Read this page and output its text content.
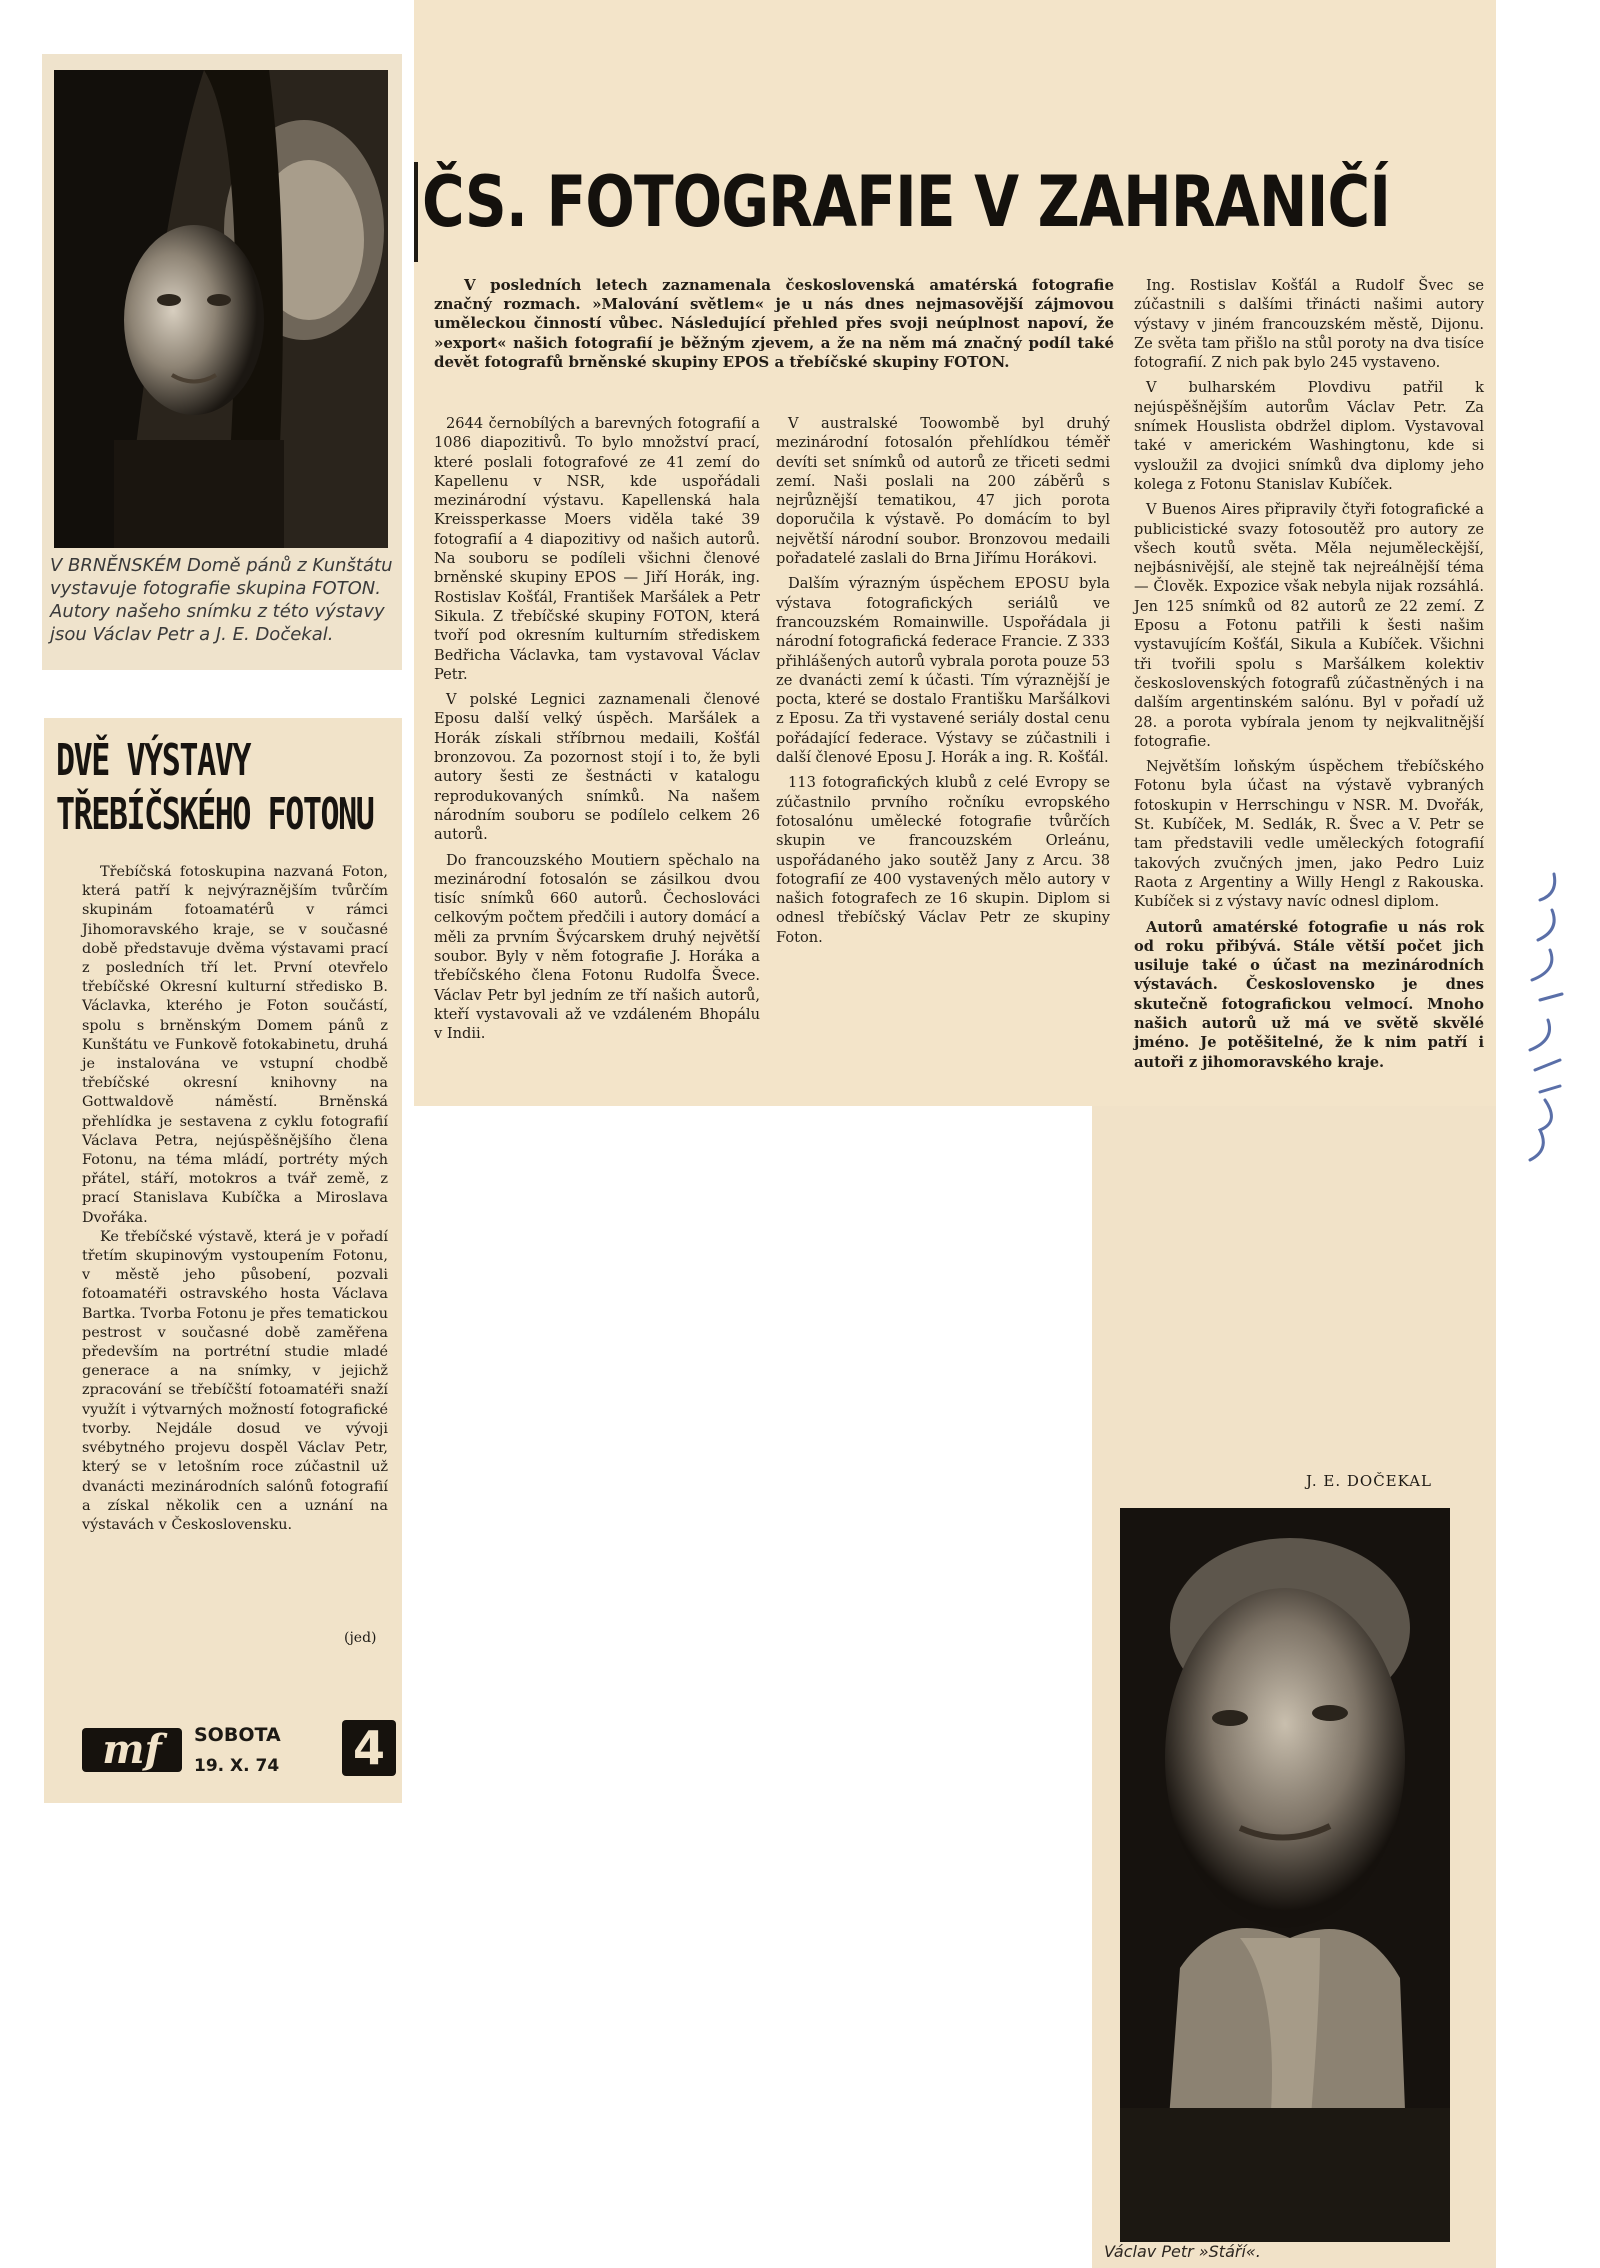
V BRNĚNSKÉM Domě pánů z Kunštátu vystavuje fotografie skupina FOTON. Autory našeho snímku z této výstavy jsou Václav Petr a J. E. Dočekal.
DVĚ VÝSTAVY
TŘEBÍČSKÉHO FOTONU

Třebíčská fotoskupina nazvaná Foton, která patří k nejvýraznějším tvůrčím skupinám fotoamatérů v rámci Jihomoravského kraje, se v současné době představuje dvěma výstavami prací z posledních tří let. První otevřelo třebíčské Okresní kulturní středisko B. Václavka, kterého je Foton součástí, spolu s brněnským Domem pánů z Kunštátu ve Funkově fotokabinetu, druhá je instalována ve vstupní chodbě třebíčské okresní knihovny na Gottwaldově náměstí. Brněnská přehlídka je sestavena z cyklu fotografií Václava Petra, nejúspěšnějšího člena Fotonu, na téma mládí, portréty mých přátel, stáří, motokros a tvář země, z prací Stanislava Kubíčka a Miroslava Dvořáka.

Ke třebíčské výstavě, která je v pořadí třetím skupinovým vystoupením Fotonu, v městě jeho působení, pozvali fotoamatéři ostravského hosta Václava Bartka. Tvorba Fotonu je přes tematickou pestrost v současné době zaměřena především na portrétní studie mladé generace a na snímky, v jejichž zpracování se třebíčští fotoamatéři snaží využít i výtvarných možností fotografické tvorby. Nejdále dosud ve vývoji svébytného projevu dospěl Václav Petr, který se v letošním roce zúčastnil už dvanácti mezinárodních salónů fotografií a získal několik cen a uznání na výstavách v Československu.

(jed)
mf	SOBOTA
19. X. 74 4
ČS. FOTOGRAFIE V ZAHRANIČÍ
V posledních letech zaznamenala československá amatérská fotografie značný rozmach. »Malování světlem« je u nás dnes nejmasovější zájmovou uměleckou činností vůbec. Následující přehled přes svoji neúplnost napoví, že »export« našich fotografií je běžným zjevem, a že na něm má značný podíl také devět fotografů brněnské skupiny EPOS a třebíčské skupiny FOTON.

2644 černobílých a barevných fotografií a 1086 diapozitivů. To bylo množství prací, které poslali fotografové ze 41 zemí do Kapellenu v NSR, kde uspořádali mezinárodní výstavu. Kapellenská hala Kreissperkasse Moers viděla také 39 fotografií a 4 diapozitivy od našich autorů. Na souboru se podíleli všichni členové brněnské skupiny EPOS — Jiří Horák, ing. Rostislav Košťál, František Maršálek a Petr Sikula. Z třebíčské skupiny FOTON, která tvoří pod okresním kulturním střediskem Bedřicha Václavka, tam vystavoval Václav Petr.

V polské Legnici zaznamenali členové Eposu další velký úspěch. Maršálek a Horák získali stříbrnou medaili, Košťál bronzovou. Za pozornost stojí i to, že byli autory šesti ze šestnácti v katalogu reprodukovaných snímků. Na našem národním souboru se podílelo celkem 26 autorů.

Do francouzského Moutiern spěchalo na mezinárodní fotosalón se zásilkou dvou tisíc snímků 660 autorů. Čechoslováci celkovým počtem předčili i autory domácí a měli za prvním Švýcarskem druhý největší soubor. Byly v něm fotografie J. Horáka a třebíčského člena Fotonu Rudolfa Švece. Václav Petr byl jedním ze tří našich autorů, kteří vystavovali až ve vzdáleném Bhopálu v Indii.

V australské Toowombě byl druhý mezinárodní fotosalón přehlídkou téměř devíti set snímků od autorů ze třiceti sedmi zemí. Naši poslali na 200 záběrů s nejrůznější tematikou, 47 jich porota doporučila k výstavě. Po domácím to byl největší národní soubor. Bronzovou medaili pořadatelé zaslali do Brna Jiřímu Horákovi.

Dalším výrazným úspěchem EPOSU byla výstava fotografických seriálů ve francouzském Romainwille. Uspořádala ji národní fotografická federace Francie. Z 333 přihlášených autorů vybrala porota pouze 53 ze dvanácti zemí k účasti. Tím výraznější je pocta, které se dostalo Františku Maršálkovi z Eposu. Za tři vystavené seriály dostal cenu pořádající federace. Výstavy se zúčastnili i další členové Eposu J. Horák a ing. R. Košťál.

113 fotografických klubů z celé Evropy se zúčastnilo prvního ročníku evropského fotosalónu umělecké fotografie tvůrčích skupin ve francouzském Orleánu, uspořádaného jako soutěž Jany z Arcu. 38 fotografií ze 400 vystavených mělo autory v našich fotografech ze 16 skupin. Diplom si odnesl třebíčský Václav Petr ze skupiny Foton.

Ing. Rostislav Košťál a Rudolf Švec se zúčastnili s dalšími třinácti našimi autory výstavy v jiném francouzském městě, Dijonu. Ze světa tam přišlo na stůl poroty na dva tisíce fotografií. Z nich pak bylo 245 vystaveno.

V bulharském Plovdivu patřil k nejúspěšnějším autorům Václav Petr. Za snímek Houslista obdržel diplom. Vystavoval také v americkém Washingtonu, kde si vysloužil za dvojici snímků dva diplomy jeho kolega z Fotonu Stanislav Kubíček.

V Buenos Aires připravily čtyři fotografické a publicistické svazy fotosoutěž pro autory ze všech koutů světa. Měla nejuměleckější, nejbásnivější, ale stejně tak nejreálnější téma — Člověk. Expozice však nebyla nijak rozsáhlá. Jen 125 snímků od 82 autorů ze 22 zemí. Z Eposu a Fotonu patřili k šesti našim vystavujícím Košťál, Sikula a Kubíček. Všichni tři tvořili spolu s Maršálkem kolektiv československých fotografů zúčastněných i na dalším argentinském salónu. Byl v pořadí už 28. a porota vybírala jenom ty nejkvalitnější fotografie.

Největším loňským úspěchem třebíčského Fotonu byla účast na výstavě vybraných fotoskupin v Herrschingu v NSR. M. Dvořák, St. Kubíček, M. Sedlák, R. Švec a V. Petr se tam představili vedle uměleckých fotografií takových zvučných jmen, jako Pedro Luiz Raota z Argentiny a Willy Hengl z Rakouska. Kubíček si z výstavy navíc odnesl diplom.

Autorů amatérské fotografie u nás rok od roku přibývá. Stále větší počet jich usiluje také o účast na mezinárodních výstavách. Československo je dnes skutečně fotografickou velmocí. Mnoho našich autorů už má ve světě skvělé jméno. Je potěšitelné, že k nim patří i autoři z jihomoravského kraje.

J. E. DOČEKAL
Václav Petr »Stáří«.
